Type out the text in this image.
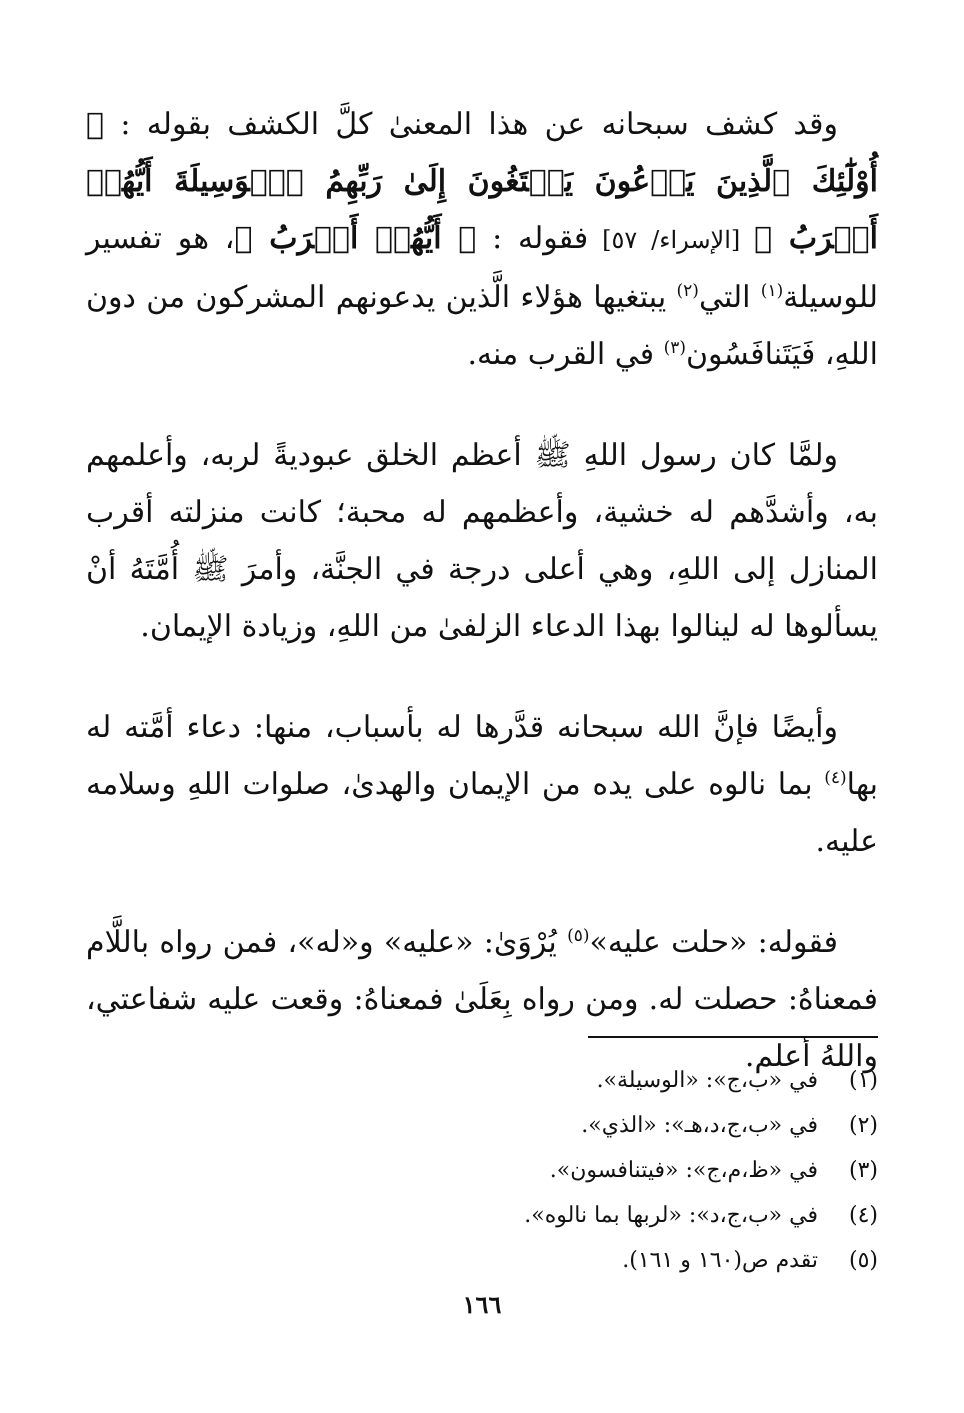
وقد كشف سبحانه عن هذا المعنىٰ كلَّ الكشف بقوله : ﴿ أُوْلَٰٓئِكَ ٱلَّذِينَ يَدۡعُونَ يَبۡتَغُونَ إِلَىٰ رَبِّهِمُ ٱلۡوَسِيلَةَ أَيُّهُمۡ أَقۡرَبُ ﴾ [الإسراء/ ٥٧] فقوله : ﴿ أَيُّهُمۡ أَقۡرَبُ ﴾، هو تفسير للوسيلة$^{(١)}$ التي$^{(٢)}$ يبتغيها هؤلاء الَّذين يدعونهم المشركون من دون اللهِ، فَيَتَنافَسُون$^{(٣)}$ في القرب منه.

ولمَّا كان رسول اللهِ ﷺ أعظم الخلق عبوديةً لربه، وأعلمهم به، وأشدَّهم له خشية، وأعظمهم له محبة؛ كانت منزلته أقرب المنازل إلى اللهِ، وهي أعلى درجة في الجنَّة، وأمرَ ﷺ أُمَّتَهُ أنْ يسألوها له لينالوا بهذا الدعاء الزلفىٰ من اللهِ، وزيادة الإيمان.

وأيضًا فإنَّ الله سبحانه قدَّرها له بأسباب، منها: دعاء أمَّته له بها$^{(٤)}$ بما نالوه على يده من الإيمان والهدىٰ، صلوات اللهِ وسلامه عليه.

فقوله: «حلت عليه»$^{(٥)}$ يُرْوَىٰ: «عليه» و«له»، فمن رواه باللَّام فمعناهُ: حصلت له. ومن رواه بِعَلَىٰ فمعناهُ: وقعت عليه شفاعتي، واللهُ أعلم.

(١)
في «ب،ج»: «الوسيلة».
(٢)
في «ب،ج،د،هـ»: «الذي».
(٣)
في «ظ،م،ج»: «فيتنافسون».
(٤)
في «ب،ج،د»: «لربها بما نالوه».
(٥)
تقدم ص(١٦٠ و ١٦١).
١٦٦
